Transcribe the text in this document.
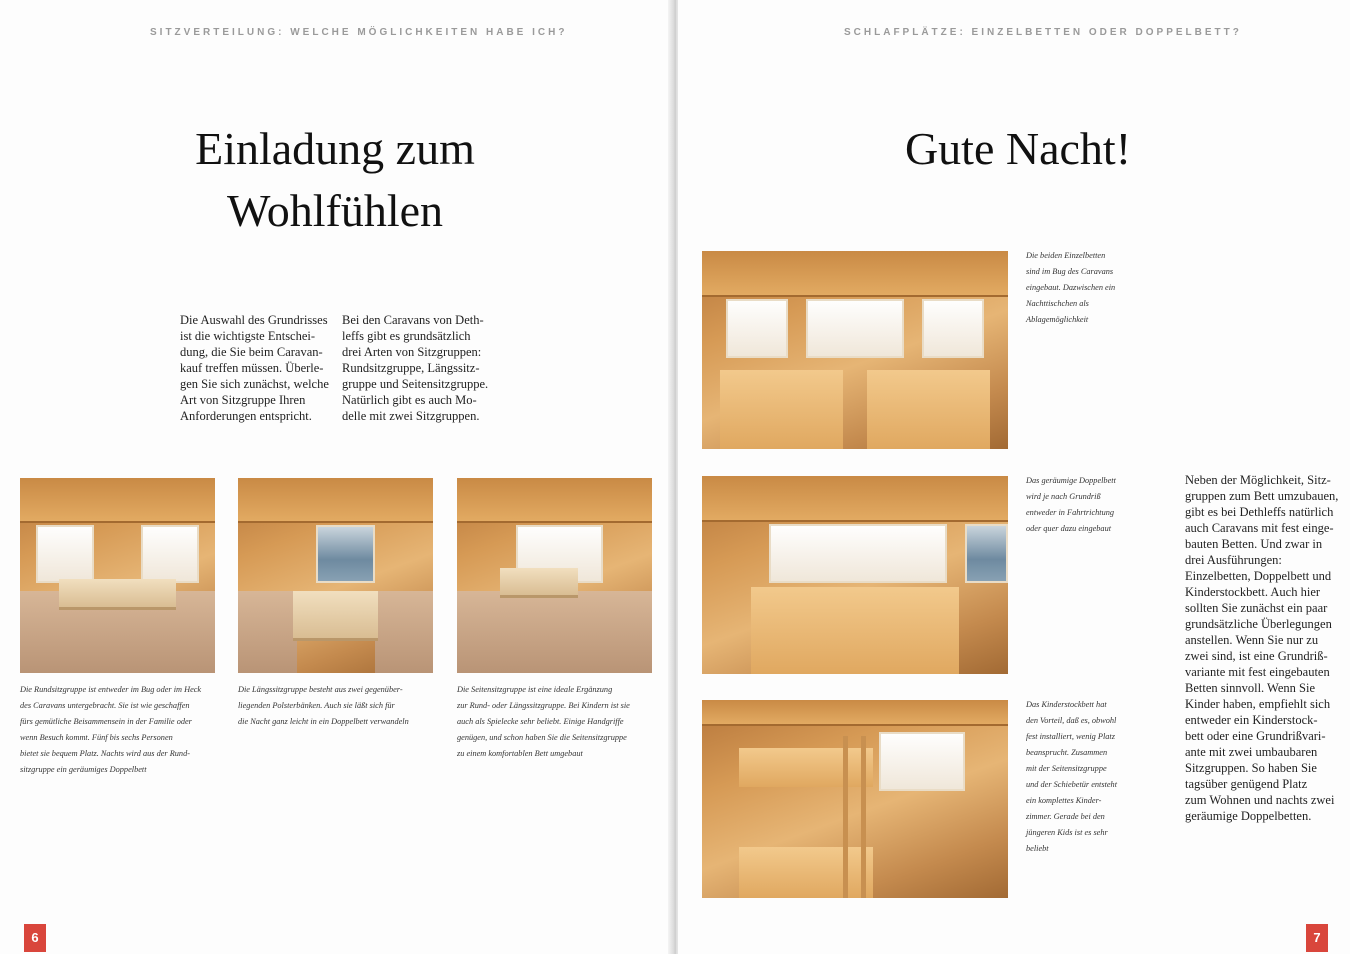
SITZVERTEILUNG: WELCHE MÖGLICHKEITEN HABE ICH?
Einladung zum
Wohlfühlen

Die Auswahl des Grundrisses
ist die wichtigste Entschei-
dung, die Sie beim Caravan-
kauf treffen müssen. Überle-
gen Sie sich zunächst, welche
Art von Sitzgruppe Ihren
Anforderungen entspricht.

Bei den Caravans von Deth-
leffs gibt es grundsätzlich
drei Arten von Sitzgruppen:
Rundsitzgruppe, Längssitz-
gruppe und Seitensitzgruppe.
Natürlich gibt es auch Mo-
delle mit zwei Sitzgruppen.

Die Rundsitzgruppe ist entweder im Bug oder im Heck
des Caravans untergebracht. Sie ist wie geschaffen
fürs gemütliche Beisammensein in der Familie oder
wenn Besuch kommt. Fünf bis sechs Personen
bietet sie bequem Platz. Nachts wird aus der Rund-
sitzgruppe ein geräumiges Doppelbett

Die Längssitzgruppe besteht aus zwei gegenüber-
liegenden Polsterbänken. Auch sie läßt sich für
die Nacht ganz leicht in ein Doppelbett verwandeln

Die Seitensitzgruppe ist eine ideale Ergänzung
zur Rund- oder Längssitzgruppe. Bei Kindern ist sie
auch als Spielecke sehr beliebt. Einige Handgriffe
genügen, und schon haben Sie die Seitensitzgruppe
zu einem komfortablen Bett umgebaut

6
SCHLAFPLÄTZE: EINZELBETTEN ODER DOPPELBETT?
Gute Nacht!

Die beiden Einzelbetten
sind im Bug des Caravans
eingebaut. Dazwischen ein
Nachttischchen als
Ablagemöglichkeit

Das geräumige Doppelbett
wird je nach Grundriß
entweder in Fahrtrichtung
oder quer dazu eingebaut

Das Kinderstockbett hat
den Vorteil, daß es, obwohl
fest installiert, wenig Platz
beansprucht. Zusammen
mit der Seitensitzgruppe
und der Schiebetür entsteht
ein komplettes Kinder-
zimmer. Gerade bei den
jüngeren Kids ist es sehr
beliebt

Neben der Möglichkeit, Sitz-
gruppen zum Bett umzubauen,
gibt es bei Dethleffs natürlich
auch Caravans mit fest einge-
bauten Betten. Und zwar in
drei Ausführungen:
Einzelbetten, Doppelbett und
Kinderstockbett. Auch hier
sollten Sie zunächst ein paar
grundsätzliche Überlegungen
anstellen. Wenn Sie nur zu
zwei sind, ist eine Grundriß-
variante mit fest eingebauten
Betten sinnvoll. Wenn Sie
Kinder haben, empfiehlt sich
entweder ein Kinderstock-
bett oder eine Grundrißvari-
ante mit zwei umbaubaren
Sitzgruppen. So haben Sie
tagsüber genügend Platz
zum Wohnen und nachts zwei
geräumige Doppelbetten.

7
